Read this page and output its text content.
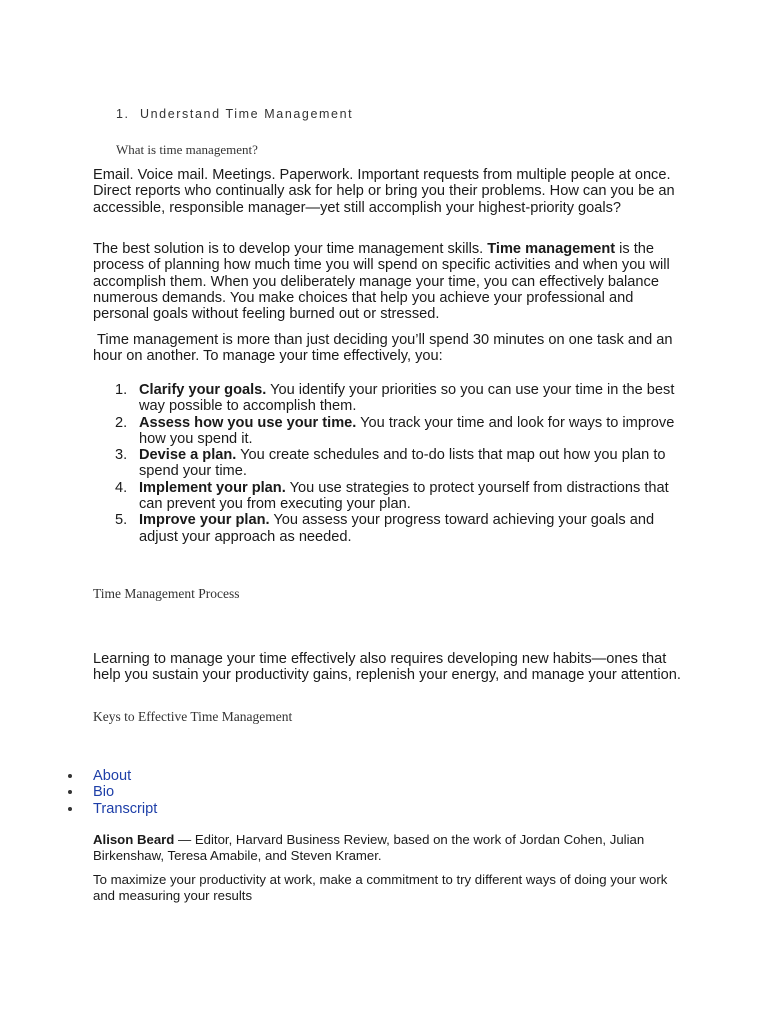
1. Understand Time Management
What is time management?

Email. Voice mail. Meetings. Paperwork. Important requests from multiple people at once. Direct reports who continually ask for help or bring you their problems. How can you be an accessible, responsible manager—yet still accomplish your highest-priority goals?

The best solution is to develop your time management skills. Time management is the process of planning how much time you will spend on specific activities and when you will accomplish them. When you deliberately manage your time, you can effectively balance numerous demands. You make choices that help you achieve your professional and personal goals without feeling burned out or stressed.

Time management is more than just deciding you’ll spend 30 minutes on one task and an hour on another. To manage your time effectively, you:

1. Clarify your goals. You identify your priorities so you can use your time in the best way possible to accomplish them.
2. Assess how you use your time. You track your time and look for ways to improve how you spend it.
3. Devise a plan. You create schedules and to-do lists that map out how you plan to spend your time.
4. Implement your plan. You use strategies to protect yourself from distractions that can prevent you from executing your plan.
5. Improve your plan. You assess your progress toward achieving your goals and adjust your approach as needed.
Time Management Process

Learning to manage your time effectively also requires developing new habits—ones that help you sustain your productivity gains, replenish your energy, and manage your attention.

Keys to Effective Time Management
About
Bio
Transcript

Alison Beard — Editor, Harvard Business Review, based on the work of Jordan Cohen, Julian Birkenshaw, Teresa Amabile, and Steven Kramer.

To maximize your productivity at work, make a commitment to try different ways of doing your work and measuring your results
